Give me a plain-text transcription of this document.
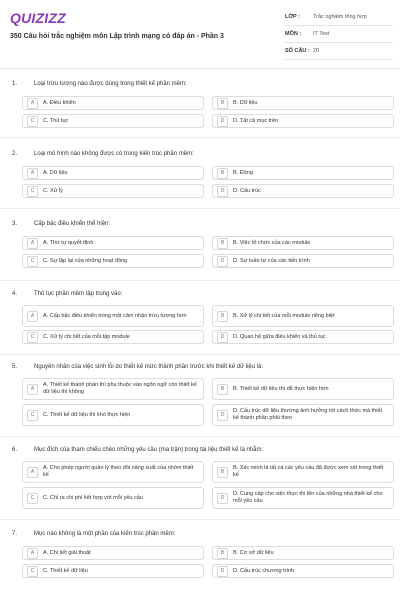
QUIZIZZ
350 Câu hỏi trắc nghiệm môn Lập trình mạng có đáp án - Phần 3
LỚP :	Trắc nghiệm tổng hợp
MÔN :	IT Test
SỐ CÂU : 20
1.	Loại trừu tượng nào được dùng trong thiết kế phần mềm:
A	A. Điều khiển	B	B. Dữ liệu
C	C. Thủ tục	D	D. Tất cả mục trên
2.	Loại mô hình nào không được có trong kiến trúc phần mềm:
A	A. Dữ liệu	B	B. Động
C	C. Xử lý	D	D. Cấu trúc
3.	Cấp bậc điều khiển thể hiện:
A	A. Thứ tự quyết định	B	B. Việc tổ chức của các module
C	C. Sự lặp lại của những hoạt động	D	D. Sự tuần tự của các tiến trình
4.	Thủ tục phần mềm tập trung vào:
A	A. Cấp bậc điều khiển trong một cảm nhận trừu tượng hơn	B	B. Xử lý chi tiết của mỗi module riêng biệt
C	C. Xử lý chi tiết của mỗi tập module	D	D. Quan hệ giữa điều khiển và thủ tục
5.	Nguyên nhân của việc sinh lỗi do thiết kế mức thành phần trước khi thiết kế dữ liệu là:
A
A. Thiết kế thành phần thì phụ thuộc vào ngôn ngữ còn thiết kế dữ liệu thì không	B	B. Thiết kế dữ liệu thì dễ thực hiện hơn
C	C. Thiết kế dữ liệu thì khó thực hiện	D
D. Cấu trúc dữ liệu thường ảnh hưởng tới cách thức mà thiết kế thành phần phải theo
6.	Mục đích của tham chiếu chéo những yêu cầu (ma trận) trong tài liệu thiết kế là nhằm:
A
A. Cho phép người quản lý theo dõi năng suất của nhóm thiết kế	B
B. Xác minh là tất cả các yêu cầu đã được xem xét trong thiết kế
C	C. Chỉ ra chi phí kết hợp với mỗi yêu cầu	D
D. Cung cấp cho việc thực thi tên của những nhà thiết kế cho mỗi yêu cầu
7.	Mục nào không là một phần của kiến trúc phần mềm:
A	A. Chi tiết giải thuật	B	B. Cơ sở dữ liệu
C	C. Thiết kế dữ liệu	D	D. Cấu trúc chương trình
